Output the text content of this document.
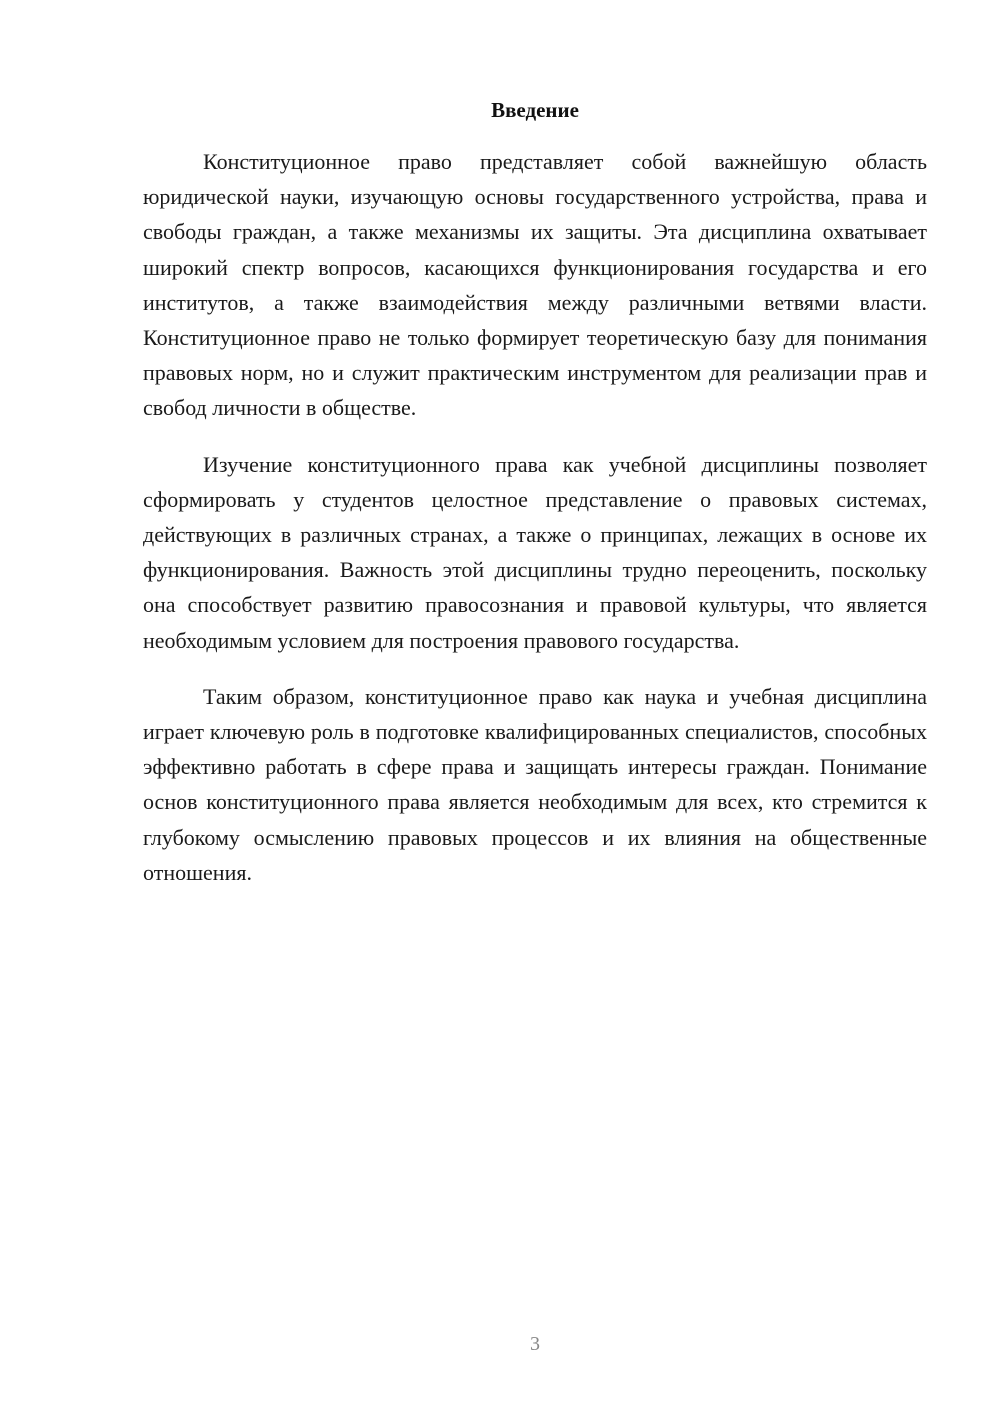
Введение

Конституционное право представляет собой важнейшую область юридической науки, изучающую основы государственного устройства, права и свободы граждан, а также механизмы их защиты. Эта дисциплина охватывает широкий спектр вопросов, касающихся функционирования государства и его институтов, а также взаимодействия между различными ветвями власти. Конституционное право не только формирует теоретическую базу для понимания правовых норм, но и служит практическим инструментом для реализации прав и свобод личности в обществе.

Изучение конституционного права как учебной дисциплины позволяет сформировать у студентов целостное представление о правовых системах, действующих в различных странах, а также о принципах, лежащих в основе их функционирования. Важность этой дисциплины трудно переоценить, поскольку она способствует развитию правосознания и правовой культуры, что является необходимым условием для построения правового государства.

Таким образом, конституционное право как наука и учебная дисциплина играет ключевую роль в подготовке квалифицированных специалистов, способных эффективно работать в сфере права и защищать интересы граждан. Понимание основ конституционного права является необходимым для всех, кто стремится к глубокому осмыслению правовых процессов и их влияния на общественные отношения.

3
